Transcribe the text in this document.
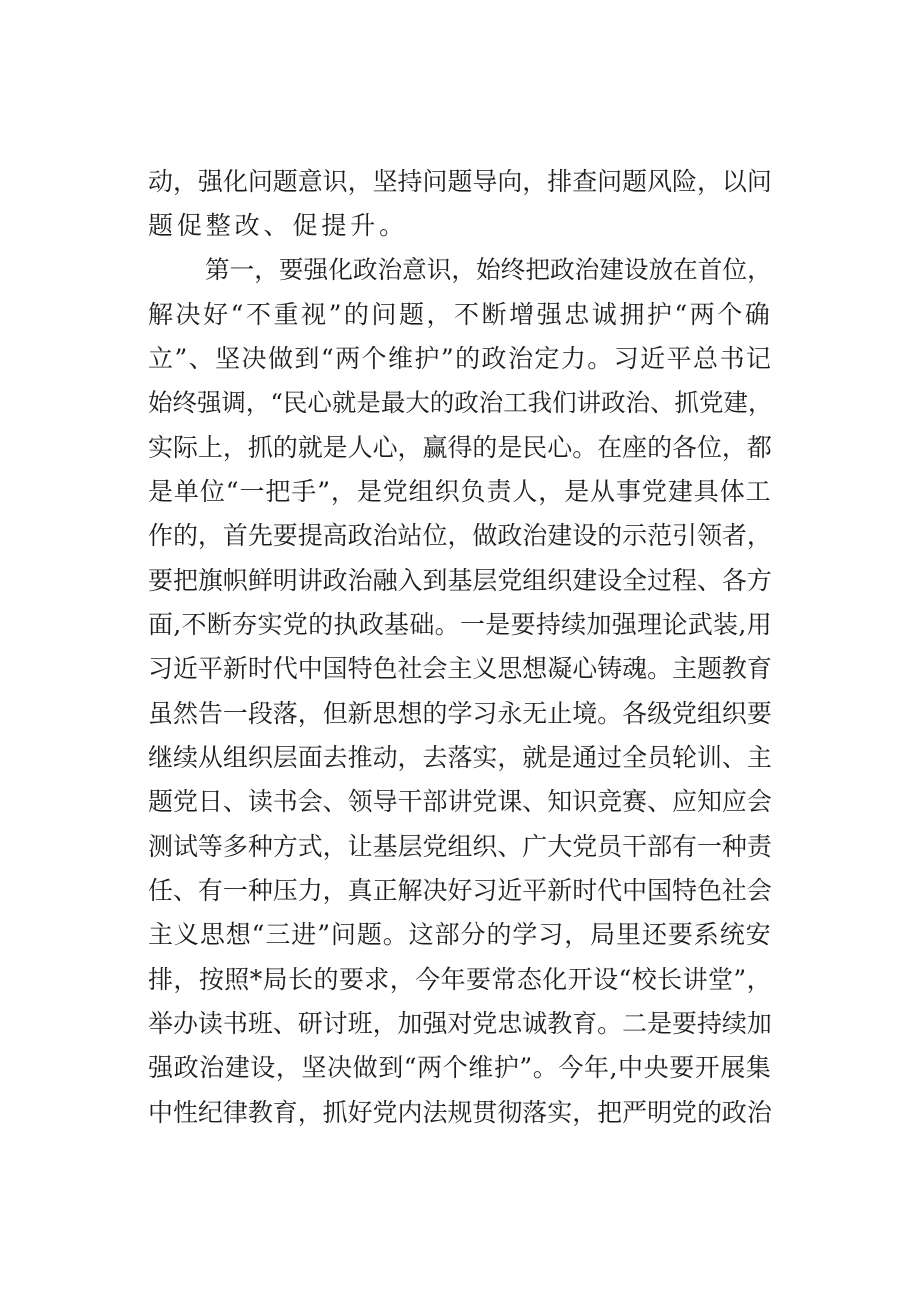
动，强化问题意识，坚持问题导向，排查问题风险，以问
题促整改、促提升。
第一，要强化政治意识，始终把政治建设放在首位，
解决好“不重视”的问题，不断增强忠诚拥护“两个确
立”、坚决做到“两个维护”的政治定力。习近平总书记
始终强调，“民心就是最大的政治工我们讲政治、抓党建，
实际上，抓的就是人心，赢得的是民心。在座的各位，都
是单位“一把手”，是党组织负责人，是从事党建具体工
作的，首先要提高政治站位，做政治建设的示范引领者，
要把旗帜鲜明讲政治融入到基层党组织建设全过程、各方
面,不断夯实党的执政基础。一是要持续加强理论武装,用
习近平新时代中国特色社会主义思想凝心铸魂。主题教育
虽然告一段落，但新思想的学习永无止境。各级党组织要
继续从组织层面去推动，去落实，就是通过全员轮训、主
题党日、读书会、领导干部讲党课、知识竞赛、应知应会
测试等多种方式，让基层党组织、广大党员干部有一种责
任、有一种压力，真正解决好习近平新时代中国特色社会
主义思想“三进”问题。这部分的学习，局里还要系统安
排，按照*局长的要求，今年要常态化开设“校长讲堂”，
举办读书班、研讨班，加强对党忠诚教育。二是要持续加
强政治建设，坚决做到“两个维护”。今年,中央要开展集
中性纪律教育，抓好党内法规贯彻落实，把严明党的政治
